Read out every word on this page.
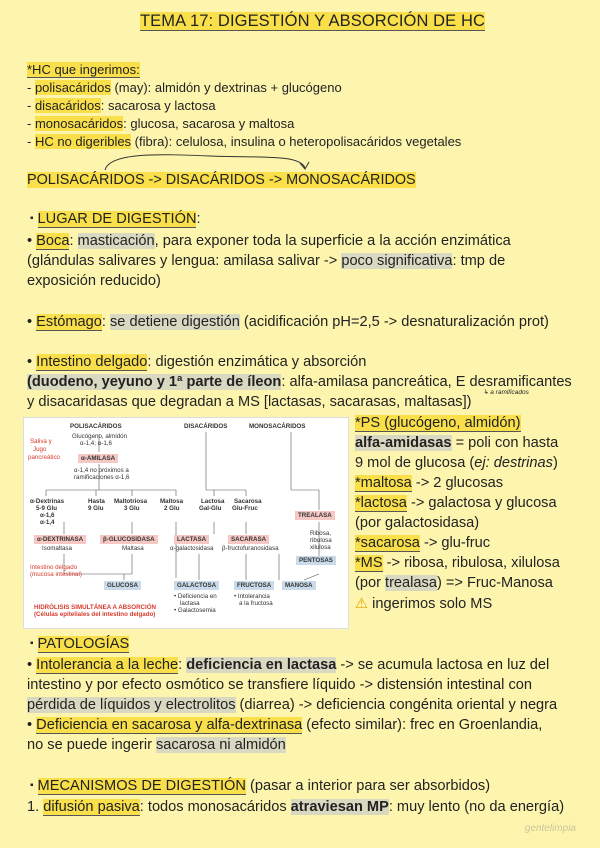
TEMA 17: DIGESTIÓN Y ABSORCIÓN DE HC
*HC que ingerimos:
- polisacáridos (may): almidón y dextrinas + glucógeno
- disacáridos: sacarosa y lactosa
- monosacáridos: glucosa, sacarosa y maltosa
- HC no digeribles (fibra): celulosa, insulina o heteropolisacáridos vegetales
POLISACÁRIDOS -> DISACÁRIDOS -> MONOSACÁRIDOS
▪ LUGAR DE DIGESTIÓN:
• Boca: masticación, para exponer toda la superficie a la acción enzimática
(glándulas salivares y lengua: amilasa salivar -> poco significativa: tmp de
exposición reducido)
• Estómago: se detiene digestión (acidificación pH=2,5 -> desnaturalización prot)
• Intestino delgado: digestión enzimática y absorción
(duodeno, yeyuno y 1ª parte de íleon: alfa-amilasa pancreática, E desramificantes
↳ a ramificados
y disacaridasas que degradan a MS [lactasas, sacarasas, maltasas])
POLISACÁRIDOS	DISACÁRIDOS	MONOSACÁRIDOS
Saliva y
Jugo
pancreático
Glucógeno, almidón
α-1,4; α-1,6
α-AMILASA
α-1,4 no próximos a
ramificaciones α-1,6
α-Dextrinas
5-9 Glu
α-1,6
α-1,4
Hasta
9 Glu
Maltotriosa
3 Glu
Maltosa
2 Glu
Lactosa
Gal-Glu
Sacarosa
Glu-Fruc
TREALASA
Ribosa,
ribulosa
xilulosa
PENTOSAS
α-DEXTRINASA
Isomaltasa
β-GLUCOSIDASA
Maltasa
LACTASA
α-galactosidasa
SACARASA
β-fructofuranosidasa
Intestino delgado
(mucosa intestinal)
GLUCOSA	GALACTOSA	FRUCTOSA	MANOSA
• Deficiencia en
lactasa
• Galactosemia
• Intolerancia
a la fructosa
HIDRÓLISIS SIMULTÁNEA A ABSORCIÓN
(Células epiteliales del intestino delgado)
*PS (glucógeno, almidón)
alfa-amidasas = poli con hasta
9 mol de glucosa (ej: destrinas)
*maltosa -> 2 glucosas
*lactosa -> galactosa y glucosa
(por galactosidasa)
*sacarosa -> glu-fruc
*MS -> ribosa, ribulosa, xilulosa
(por trealasa) => Fruc-Manosa
⚠ ingerimos solo MS
▪ PATOLOGÍAS
• Intolerancia a la leche: deficiencia en lactasa -> se acumula lactosa en luz del
intestino y por efecto osmótico se transfiere líquido -> distensión intestinal con
pérdida de líquidos y electrolitos (diarrea) -> deficiencia congénita oriental y negra
• Deficiencia en sacarosa y alfa-dextrinasa (efecto similar): frec en Groenlandia,
no se puede ingerir sacarosa ni almidón
▪ MECANISMOS DE DIGESTIÓN (pasar a interior para ser absorbidos)
1. difusión pasiva: todos monosacáridos atraviesan MP: muy lento (no da energía)
gentelimpia
